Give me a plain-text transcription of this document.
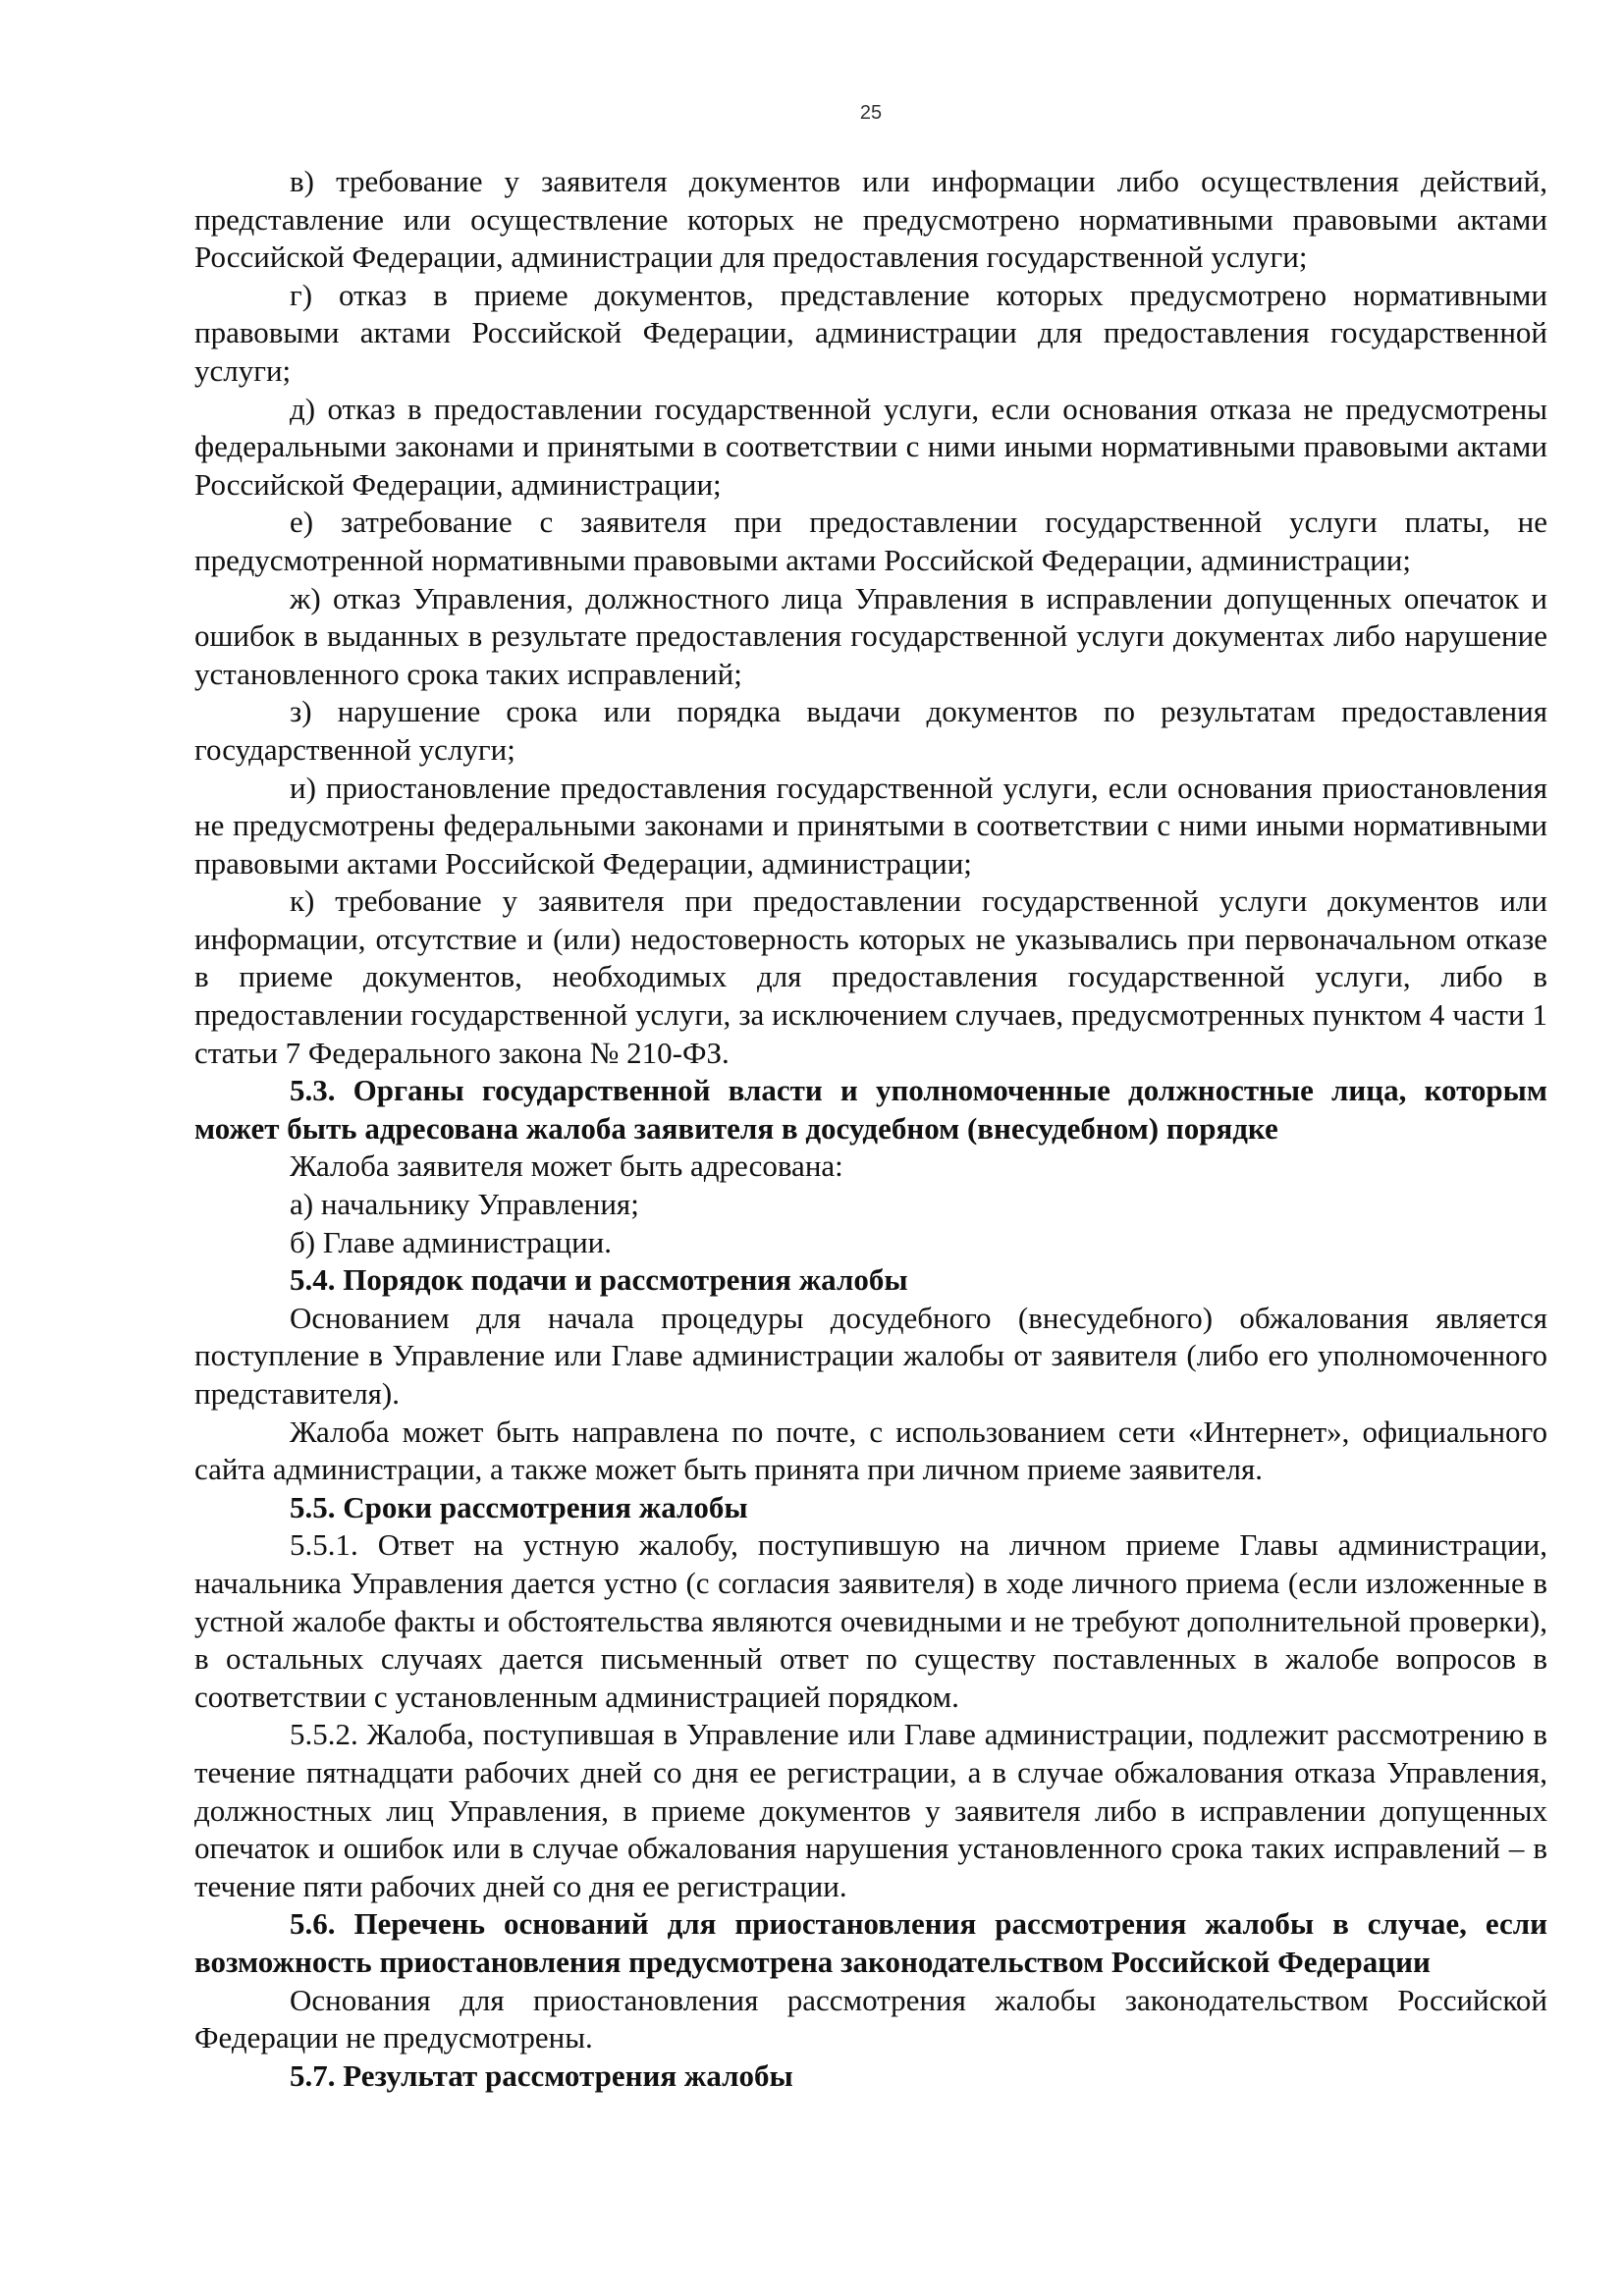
25

в) требование у заявителя документов или информации либо осуществления действий, представление или осуществление которых не предусмотрено нормативными правовыми актами Российской Федерации, администрации для предоставления государственной услуги;

г) отказ в приеме документов, представление которых предусмотрено нормативными правовыми актами Российской Федерации, администрации для предоставления государственной услуги;

д) отказ в предоставлении государственной услуги, если основания отказа не предусмотрены федеральными законами и принятыми в соответствии с ними иными нормативными правовыми актами Российской Федерации, администрации;

е) затребование с заявителя при предоставлении государственной услуги платы, не предусмотренной нормативными правовыми актами Российской Федерации, администрации;

ж) отказ Управления, должностного лица Управления в исправлении допущенных опечаток и ошибок в выданных в результате предоставления государственной услуги документах либо нарушение установленного срока таких исправлений;

з) нарушение срока или порядка выдачи документов по результатам предоставления государственной услуги;

и) приостановление предоставления государственной услуги, если основания приостановления не предусмотрены федеральными законами и принятыми в соответствии с ними иными нормативными правовыми актами Российской Федерации, администрации;

к) требование у заявителя при предоставлении государственной услуги документов или информации, отсутствие и (или) недостоверность которых не указывались при первоначальном отказе в приеме документов, необходимых для предоставления государственной услуги, либо в предоставлении государственной услуги, за исключением случаев, предусмотренных пунктом 4 части 1 статьи 7 Федерального закона № 210-ФЗ.

5.3. Органы государственной власти и уполномоченные должностные лица, которым может быть адресована жалоба заявителя в досудебном (внесудебном) порядке

Жалоба заявителя может быть адресована:

а) начальнику Управления;

б) Главе администрации.

5.4. Порядок подачи и рассмотрения жалобы

Основанием для начала процедуры досудебного (внесудебного) обжалования является поступление в Управление или Главе администрации жалобы от заявителя (либо его уполномоченного представителя).

Жалоба может быть направлена по почте, с использованием сети «Интернет», официального сайта администрации, а также может быть принята при личном приеме заявителя.

5.5. Сроки рассмотрения жалобы

5.5.1. Ответ на устную жалобу, поступившую на личном приеме Главы администрации, начальника Управления дается устно (с согласия заявителя) в ходе личного приема (если изложенные в устной жалобе факты и обстоятельства являются очевидными и не требуют дополнительной проверки), в остальных случаях дается письменный ответ по существу поставленных в жалобе вопросов в соответствии с установленным администрацией порядком.

5.5.2. Жалоба, поступившая в Управление или Главе администрации, подлежит рассмотрению в течение пятнадцати рабочих дней со дня ее регистрации, а в случае обжалования отказа Управления, должностных лиц Управления, в приеме документов у заявителя либо в исправлении допущенных опечаток и ошибок или в случае обжалования нарушения установленного срока таких исправлений – в течение пяти рабочих дней со дня ее регистрации.

5.6. Перечень оснований для приостановления рассмотрения жалобы в случае, если возможность приостановления предусмотрена законодательством Российской Федерации

Основания для приостановления рассмотрения жалобы законодательством Российской Федерации не предусмотрены.

5.7. Результат рассмотрения жалобы
